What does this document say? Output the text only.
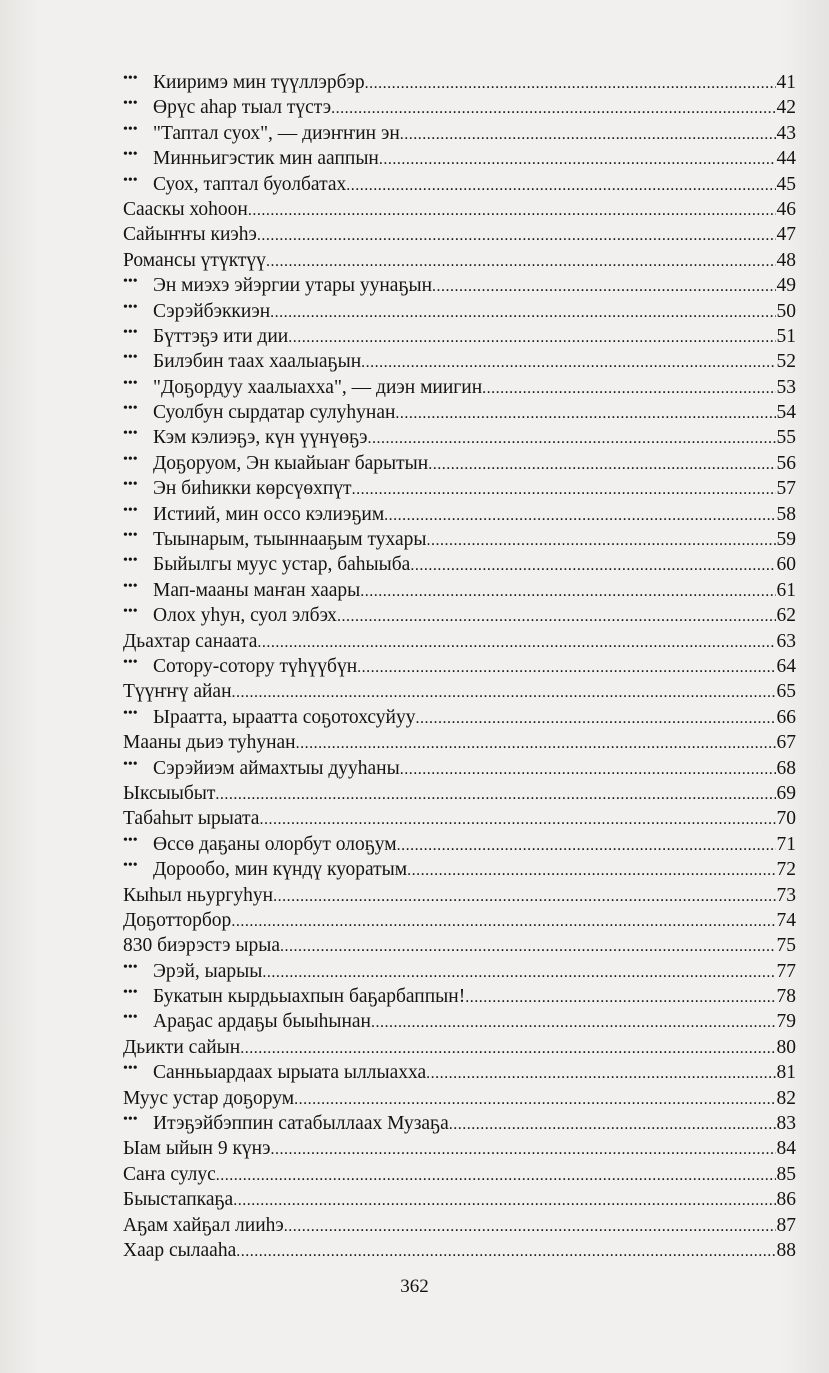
••• Кииримэ мин түүллэрбэр .....	41
••• Өрүс аһар тыал түстэ .....	42
••• "Таптал суох", — диэҥҥин эн .....	43
••• Минньигэстик мин ааппын .....	44
••• Суох, таптал буолбатах .....	45
Сааскы хоһоон .....	46
Сайыҥҥы киэһэ .....	47
Романсы үтүктүү .....	48
••• Эн миэхэ эйэргии утары уунаҕын .....	49
••• Сэрэйбэккиэн .....	50
••• Бүттэҕэ ити дии .....	51
••• Билэбин таах хаалыаҕын .....	52
••• "Доҕордуу хаалыахха", — диэн миигин .....	53
••• Суолбун сырдатар сулуһунан .....	54
••• Кэм кэлиэҕэ, күн үүнүөҕэ .....	55
••• Доҕоруом, Эн кыайыаҥ барытын .....	56
••• Эн биһикки көрсүөхпүт .....	57
••• Истиий, мин оссо кэлиэҕим .....	58
••• Тыынарым, тыыннааҕым тухары .....	59
••• Быйылгы муус устар, баһыыба .....	60
••• Мап-мааны маҥан хаары .....	61
••• Олох уһун, суол элбэх .....	62
Дьахтар санаата .....	63
••• Сотору-сотору түһүүбүн .....	64
Түүҥҥү айан .....	65
••• Ыраатта, ыраатта соҕотохсуйуу .....	66
Мааны дьиэ туһунан .....	67
••• Сэрэйиэм аймахтыы дууһаны .....	68
Ыксыыбыт .....	69
Табаһыт ырыата .....	70
••• Өссө даҕаны олорбут олоҕум .....	71
••• Дорообо, мин күндү куоратым .....	72
Кыһыл ньургуһун .....	73
Доҕотторбор .....	74
830 биэрэстэ ырыа .....	75
••• Эрэй, ыарыы .....	77
••• Букатын кырдьыахпын баҕарбаппын! .....	78
••• Араҕас ардаҕы быыһынан .....	79
Дьикти сайын .....	80
••• Санньыардаах ырыата ыллыахха .....	81
Муус устар доҕорум .....	82
••• Итэҕэйбэппин сатабыллаах Музаҕа .....	83
Ыам ыйын 9 күнэ .....	84
Саҥа сулус .....	85
Быыстапкаҕа .....	86
Аҕам хайҕал лииһэ .....	87
Хаар сылааһа .....	88
362
